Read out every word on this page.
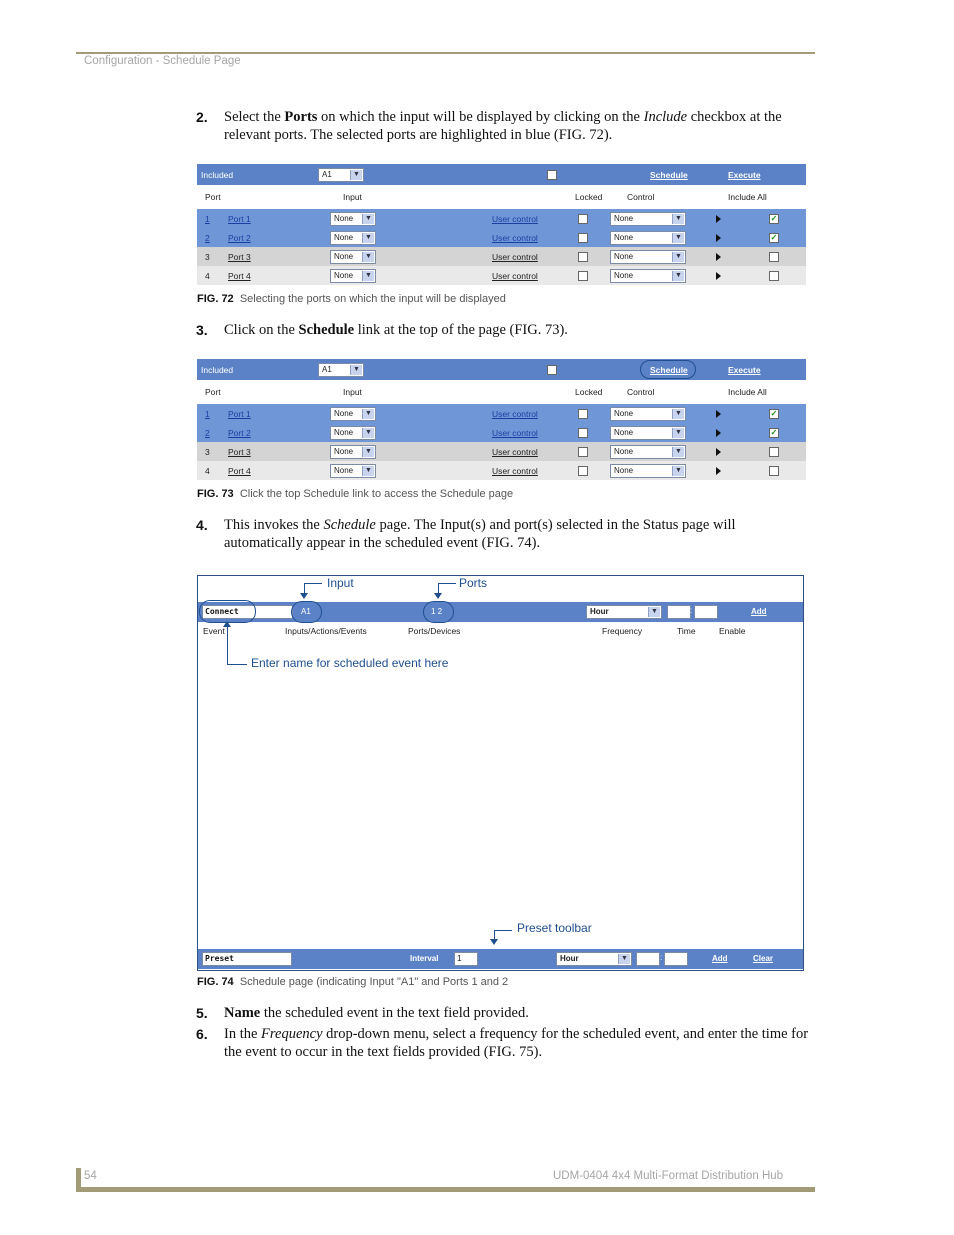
Configuration - Schedule Page
2. Select the Ports on which the input will be displayed by clicking on the Include checkbox at the
relevant ports. The selected ports are highlighted in blue (FIG. 72).
Included	A1	▼	Schedule	Execute
Port	Input	Locked	Control	Include All
1 Port 1	None	▼	User control	None	▼	✓
2 Port 2	None	▼	User control	None	▼	✓
3 Port 3	None	▼	User control	None	▼
4 Port 4	None	▼	User control	None	▼
FIG. 72 Selecting the ports on which the input will be displayed
3. Click on the Schedule link at the top of the page (FIG. 73).
Included	A1	▼	Schedule	Execute
Port	Input	Locked	Control	Include All
1 Port 1	None	▼	User control	None	▼	✓
2 Port 2	None	▼	User control	None	▼	✓
3 Port 3	None	▼	User control	None	▼
4 Port 4	None	▼	User control	None	▼
FIG. 73 Click the top Schedule link to access the Schedule page
4. This invokes the Schedule page. The Input(s) and port(s) selected in the Status page will
automatically appear in the scheduled event (FIG. 74).
Connect	A1	1 2	Hour	▼	:	Add
Event	Inputs/Actions/Events	Ports/Devices	Frequency	Time	Enable
Input	Ports
Enter name for scheduled event here
Preset toolbar
Preset	Interval 1	Hour	▼	:	Add	Clear
FIG. 74 Schedule page (indicating Input "A1" and Ports 1 and 2
5. Name the scheduled event in the text field provided.
6. In the Frequency drop-down menu, select a frequency for the scheduled event, and enter the time for
the event to occur in the text fields provided (FIG. 75).
54	UDM-0404 4x4 Multi-Format Distribution Hub
